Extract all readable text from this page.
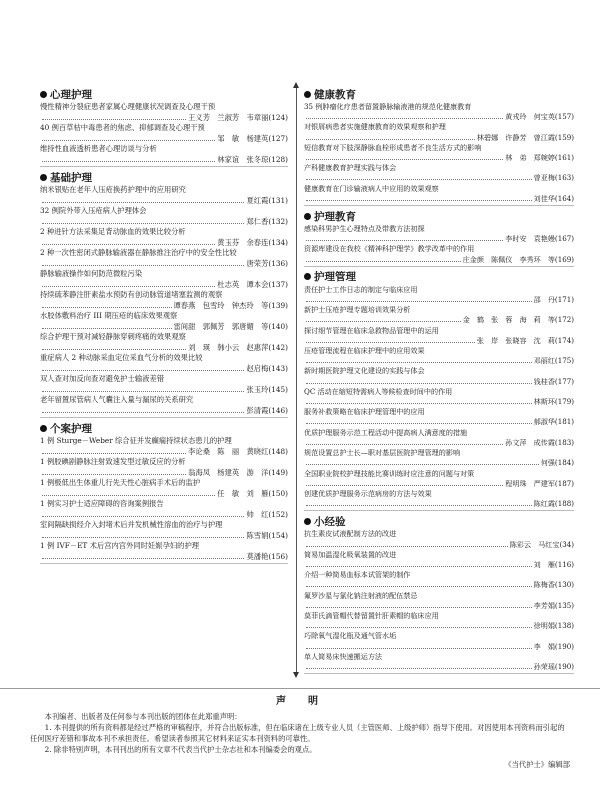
心理护理
慢性精神分裂症患者家属心理健康状况调查及心理干预
王义芳　兰淑芳　韦章丽 (124)
40 例百草枯中毒患者的焦虑、抑郁调查及心理干预
邹　敏　杨建英 (127)
维持性血液透析患者心理访谈与分析
林家谊　张冬琼 (128)
基础护理
纳米银贴在老年人压疮换药护理中的应用研究
夏红霞 (131)
32 例院外带入压疮病人护理体会
郑仁香 (132)
2 种进针方法采集足背动脉血的效果比较分析
黄玉芬　余春连 (134)
2 种一次性密闭式静脉输液器在静脉推注治疗中的安全性比较
唐荣芳 (136)
静脉输液操作如何防范微粒污染
杜志英　谭本会 (137)
持续硫苯静注肝素盐水预防有创动脉管道堵塞监测的观察
谭春燕　包雪玲　钟杰玲　等 (139)
水胶体敷料治疗 III 期压疮的临床效果观察
雷间甜　郭佩芳　郭唐媚　等 (140)
综合护理干预对减轻静脉穿刺疼痛的效果观察
刘　瑛　韩小云　赵惠萍 (142)
重症病人 2 种动脉采血定位采血气分析的效果比较
赵启梅 (143)
双人查对加反向查对避免护士输液差错
张玉玲 (145)
老年留置尿管病人气囊注入量与漏尿的关系研究
彭清霞 (146)
个案护理
1 例 Sturge－Weber 综合征并发癫痫持续状态患儿的护理
李论桑　陈　丽　黄晓红 (148)
1 例胶碘剧静脉注射致速发型过敏反应的分析
翁海凤　杨建英　游　洋 (149)
1 例极低出生体重儿行先天性心脏病手术后的监护
任　敏　刘　雁 (150)
1 例实习护士适应障碍的咨询案例报告
帅　红 (152)
室间隔缺损经介入封堵术后并发机械性溶血的治疗与护理
陈雪娟 (154)
1 例 IVF－ET 术后宫内宫外同时妊娠孕妇的护理
莫潘艳 (156)
健康教育
35 例肿瘤化疗患者留置静脉输液港的规范化健康教育
黄戎玲　何宝英 (157)
对银屑病患者实施健康教育的效果观察和护理
林碧娜　许静芳　曾江霞 (159)
短信教育对下肢深静脉血栓形成患者不良生活方式的影响
林　弟　郑婉婷 (161)
产科健康教育护理实践与体会
曾亚梅 (163)
健康教育在门诊输液病人中应用的效果观察
刘佳华 (164)
护理教育
感染科男护生心理特点及带教方法初探
李时安　袁艳嫚 (167)
资源库建设在我校《精神科护理学》教学改革中的作用
庄金颜　陈佩仪　李秀环　等 (169)
护理管理
责任护士工作日志的制定与临床应用
邵　丹 (171)
新护士压疮护理专题培训效果分析
金　鹤　张　蓉　海　莉　等 (172)
探讨细节管理在临床急救物品管理中的运用
张　岸　张晓容　沈　莉 (174)
压疮管理流程在临床护理中的应用效果
邓丽红 (175)
新时期医院护理文化建设的实践与体会
钱桂香 (177)
QC 活动在缩短特需病人等候检查时间中的作用
林斯环 (179)
服务补救策略在临床护理管理中的应用
郝淑华 (181)
优质护理服务示范工程活动中提高病人满意度的措施
孙文萍　成传霞 (183)
规范设置总护士长—职对基层医院护理管理的影响
何强 (184)
全国职业院校护理技能比赛训练时应注意的问题与对策
程明珠　严建军 (187)
创建优质护理服务示范病房的方法与效果
陈红霞 (188)
小经验
抗生素皮试液配制方法的改进
陈彩云　马红宝 (34)
简易加温湿化吸氧装置的改进
刘　雁 (116)
介绍一种简易血标本试管架的制作
陈梅香 (130)
氟罗沙星与氯化钠注射液的配伍禁忌
李芳娟 (135)
莫菲氏滴管帽代替留置针肝素帽的临床应用
徐明娟 (138)
巧除氧气湿化瓶及通气管水垢
李　娟 (190)
单人简易床快速搬运方法
孙荣瑶 (190)
声　明

本刊编者、出版者及任何参与本刊出版的团体在此郑重声明：

1. 本刊提供的所有资料都是经过严格的审稿程序，并符合出版标准，但在临床诸在上级专业人员（主管医师、上级护师）指导下使用。对因使用本刊资料而引起的任何医疗差错和事故本刊不承担责任。希望读者参照其它材料来证实本刊资料的可靠性。

2. 除非特别声明，本刊刊出的所有文章不代表当代护士杂志社和本刊编委会的观点。

《当代护士》编辑部
